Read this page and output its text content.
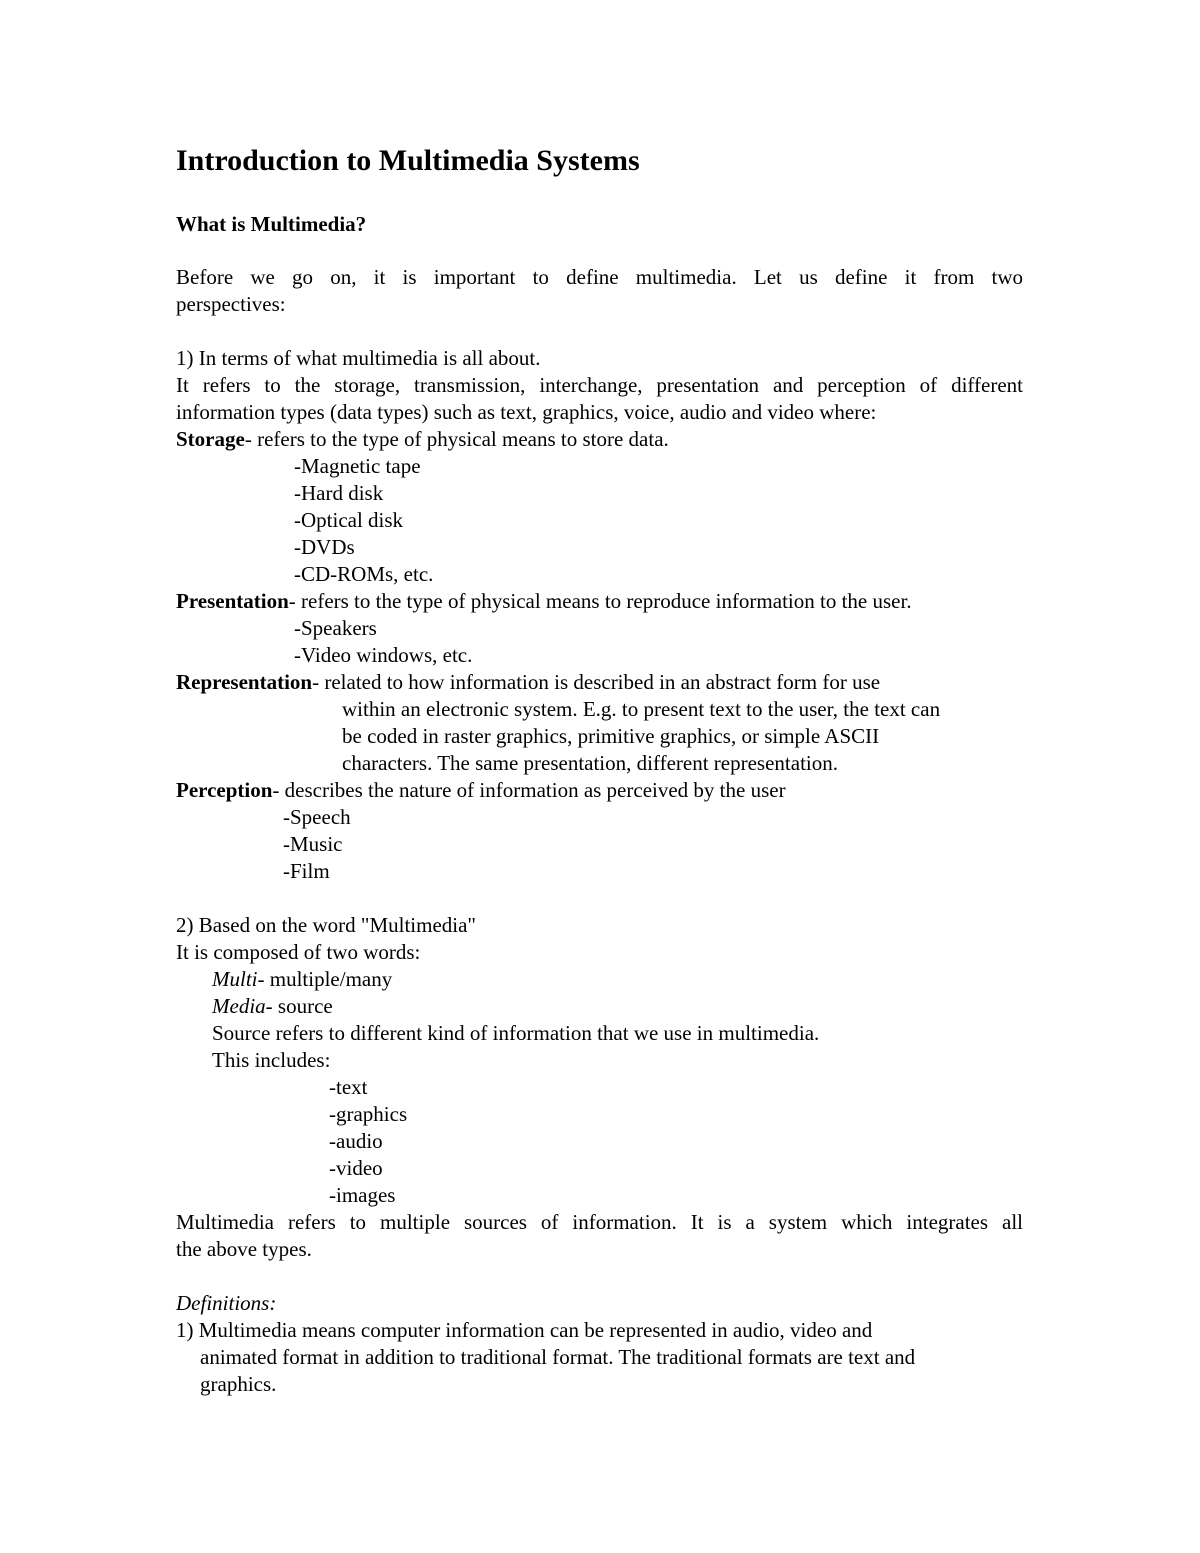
Introduction to Multimedia Systems
What is Multimedia?
Before we go on, it is important to define multimedia. Let us define it from two
perspectives:
1) In terms of what multimedia is all about.
It refers to the storage, transmission, interchange, presentation and perception of different
information types (data types) such as text, graphics, voice, audio and video where:
Storage- refers to the type of physical means to store data.
-Magnetic tape
-Hard disk
-Optical disk
-DVDs
-CD-ROMs, etc.
Presentation- refers to the type of physical means to reproduce information to the user.
-Speakers
-Video windows, etc.
Representation- related to how information is described in an abstract form for use
within an electronic system. E.g. to present text to the user, the text can
be coded in raster graphics, primitive graphics, or simple ASCII
characters. The same presentation, different representation.
Perception- describes the nature of information as perceived by the user
-Speech
-Music
-Film
2) Based on the word "Multimedia"
It is composed of two words:
Multi- multiple/many
Media- source
Source refers to different kind of information that we use in multimedia.
This includes:
-text
-graphics
-audio
-video
-images
Multimedia refers to multiple sources of information. It is a system which integrates all
the above types.
Definitions:
1) Multimedia means computer information can be represented in audio, video and
animated format in addition to traditional format. The traditional formats are text and
graphics.
